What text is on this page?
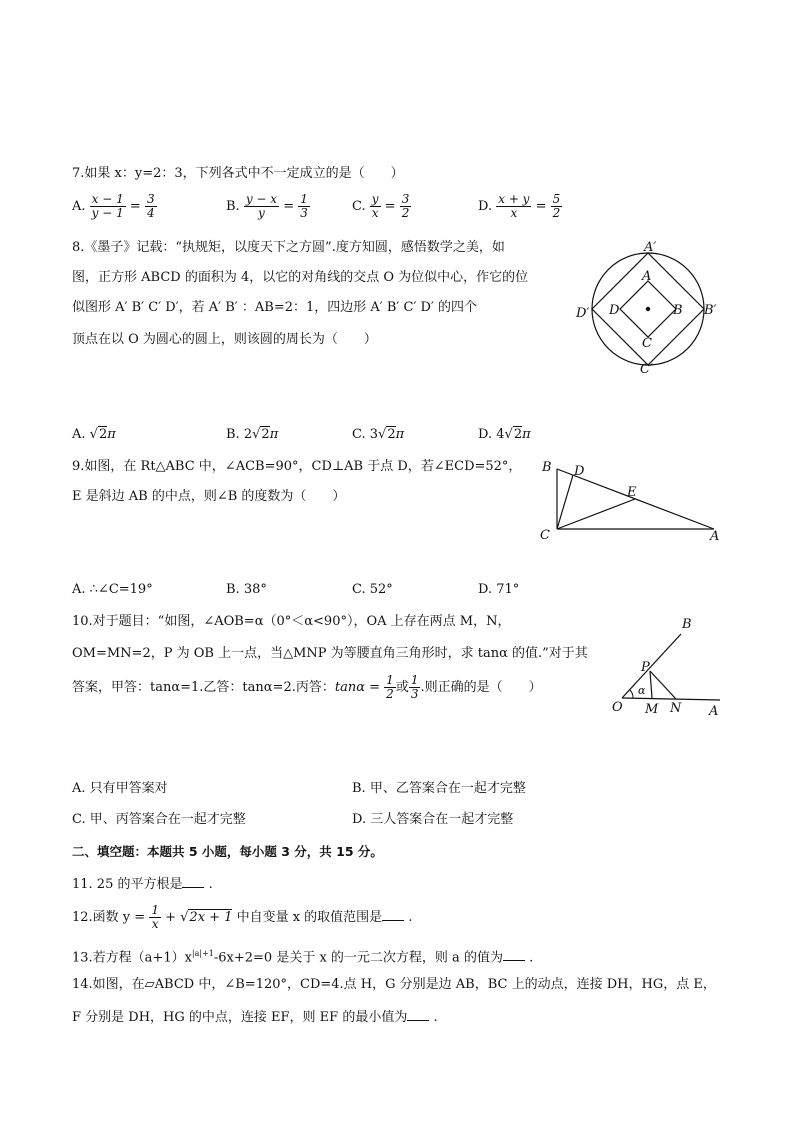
7.如果 x：y=2：3，下列各式中不一定成立的是（　　）
A. $\frac{x - 1}{y - 1} = \frac{3}{4}$	B. $\frac{y - x}{y} = \frac{1}{3}$	C. $\frac{y}{x} = \frac{3}{2}$	D. $\frac{x + y}{x} = \frac{5}{2}$
8.《墨子》记载：“执规矩，以度天下之方圆”.度方知圆，感悟数学之美，如
图，正方形 ABCD 的面积为 4，以它的对角线的交点 O 为位似中心，作它的位
似图形 A′ B′ C′ D′，若 A′ B′ ：AB=2：1，四边形 A′ B′ C′ D′ 的四个
顶点在以 O 为圆心的圆上，则该圆的周长为（　　）
A′
A
D′ D	B B′
C
C′
A. √2π	B. 2√2π	C. 3√2π	D. 4√2π
9.如图，在 Rt△ABC 中，∠ACB=90°，CD⊥AB 于点 D，若∠ECD=52°，
E 是斜边 AB 的中点，则∠B 的度数为（　　）
B D
E
C	A
A. ∴∠C=19°	B. 38°	C. 52°	D. 71°
10.对于题目：“如图，∠AOB=α（0°＜α<90°），OA 上存在两点 M，N，
OM=MN=2，P 为 OB 上一点，当△MNP 为等腰直角三角形时，求 tanα 的值.”对于其
答案，甲答：tanα=1.乙答：tanα=2.丙答：$\tan\alpha = \frac{1}{2}$ 或 $\frac{1}{3}$ .则正确的是（　　）
B
P
α
O M N A
A. 只有甲答案对	B. 甲、乙答案合在一起才完整
C. 甲、丙答案合在一起才完整	D. 三人答案合在一起才完整
二、填空题：本题共 5 小题，每小题 3 分，共 15 分。
11. 25 的平方根是 .
12.函数 $y = \frac{1}{x} + √2x + 1$ 中自变量 x 的取值范围是 .
13.若方程$(a+1)x^{|a|+1}-6x+2=0$ 是关于 x 的一元二次方程，则 a 的值为 .
14.如图，在▱ABCD 中，∠B=120°，CD=4.点 H，G 分别是边 AB，BC 上的动点，连接 DH，HG，点 E，
F 分别是 DH，HG 的中点，连接 EF，则 EF 的最小值为 .
